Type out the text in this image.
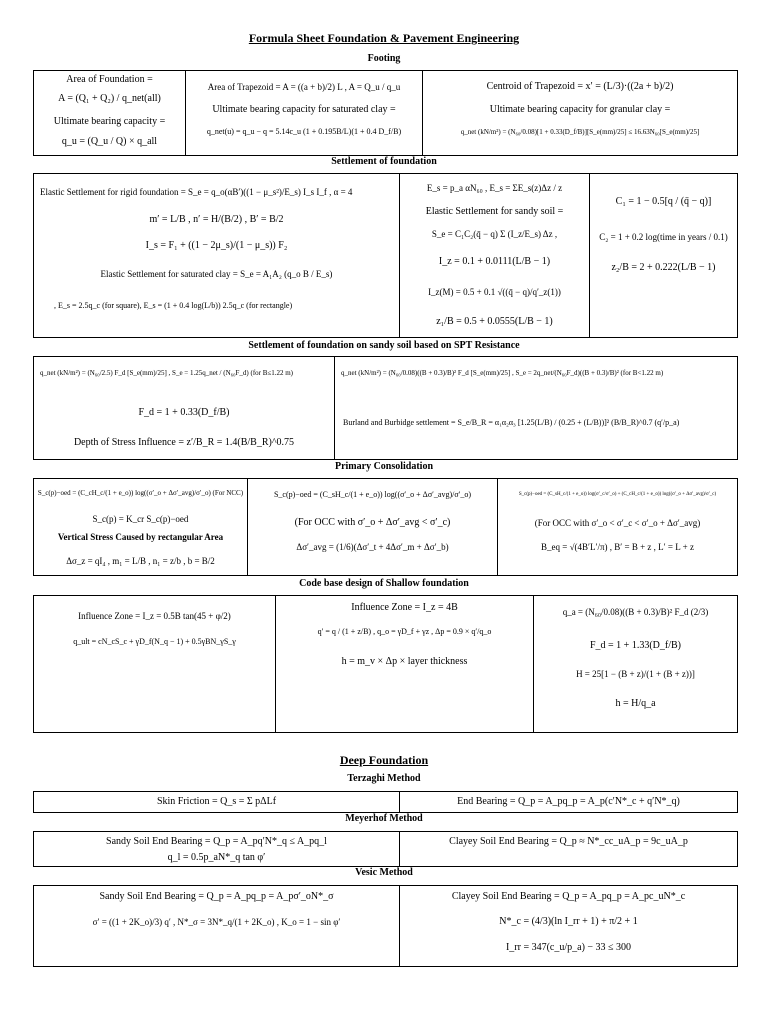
Formula Sheet Foundation & Pavement Engineering
Footing
Area of Foundation =
A = (Q₁ + Q₂) / q_net(all)
Ultimate bearing capacity =
q_u = (Q_u / Q) × q_all
Area of Trapezoid = A = ((a + b)/2) L , A = Q_u / q_u
Ultimate bearing capacity for saturated clay =
q_net(u) = q_u − q = 5.14c_u (1 + 0.195B/L)(1 + 0.4 D_f/B)
Centroid of Trapezoid = x′ = (L/3)·((2a + b)/2)
Ultimate bearing capacity for granular clay =
q_net (kN/m²) = (N₆₀/0.08)[1 + 0.33(D_f/B)][S_e(mm)/25] ≤ 16.63N₆₀[S_e(mm)/25]
Settlement of foundation
Elastic Settlement for rigid foundation = S_e = q_o(αB′)((1 − μ_s²)/E_s) I_s I_f , α = 4
m′ = L/B , n′ = H/(B/2) , B′ = B/2
I_s = F₁ + ((1 − 2μ_s)/(1 − μ_s)) F₂
Elastic Settlement for saturated clay = S_e = A₁A₂ (q_o B / E_s)
, E_s = 2.5q_c (for square), E_s = (1 + 0.4 log(L/b)) 2.5q_c (for rectangle)
E_s = p_a αN₆₀ , E_s = ΣE_s(z)Δz / z
Elastic Settlement for sandy soil =
S_e = C₁C₂(q̄ − q) Σ (I_z/E_s) Δz ,
I_z = 0.1 + 0.0111(L/B − 1)
I_z(M) = 0.5 + 0.1 √((q̄ − q)/q′_z(1))
z₁/B = 0.5 + 0.0555(L/B − 1)
C₁ = 1 − 0.5[q / (q̄ − q)]
C₂ = 1 + 0.2 log(time in years / 0.1)
z₂/B = 2 + 0.222(L/B − 1)
Settlement of foundation on sandy soil based on SPT Resistance
q_net (kN/m²) = (N₆₀/2.5) F_d [S_e(mm)/25] , S_e = 1.25q_net / (N₆₀F_d) (for B≤1.22 m)
F_d = 1 + 0.33(D_f/B)
Depth of Stress Influence = z′/B_R = 1.4(B/B_R)^0.75
q_net (kN/m²) = (N₆₀/0.08)((B + 0.3)/B)² F_d [S_e(mm)/25] , S_e = 2q_net/(N₆₀F_d)((B + 0.3)/B)² (for B<1.22 m)
Burland and Burbidge settlement = S_e/B_R = α₁α₂α₃ [1.25(L/B) / (0.25 + (L/B))]² (B/B_R)^0.7 (q′/p_a)
Primary Consolidation
S_c(p)−oed = (C_cH_c/(1 + e_o)) log((σ′_o + Δσ′_avg)/σ′_o) (For NCC)
S_c(p) = K_cr S_c(p)−oed
Vertical Stress Caused by rectangular Area
Δσ_z = qI₄ , m₁ = L/B , n₁ = z/b , b = B/2
S_c(p)−oed = (C_sH_c/(1 + e_o)) log((σ′_o + Δσ′_avg)/σ′_o)
(For OCC with σ′_o + Δσ′_avg < σ′_c)
Δσ′_avg = (1/6)(Δσ′_t + 4Δσ′_m + Δσ′_b)
S_c(p)−oed = (C_sH_c/(1 + e_o)) log(σ′_c/σ′_o) + (C_cH_c/(1 + e_o)) log((σ′_o + Δσ′_avg)/σ′_c)
(For OCC with σ′_o < σ′_c < σ′_o + Δσ′_avg)
B_eq = √(4B′L′/π) , B′ = B + z , L′ = L + z
Code base design of Shallow foundation
Influence Zone = I_z = 0.5B tan(45 + φ/2)
q_ult = cN_cS_c + γD_f(N_q − 1) + 0.5γBN_γS_γ
Influence Zone = I_z = 4B
q′ = q / (1 + z/B) , q_o = γD_f + γz , Δp = 0.9 × q′/q_o
h = m_v × Δp × layer thickness
q_a = (N₆₀/0.08)((B + 0.3)/B)² F_d (2/3)
F_d = 1 + 1.33(D_f/B)
H = 25[1 − (B + z)/(1 + (B + z))]
h = H/q_a
Deep Foundation
Terzaghi Method
Skin Friction = Q_s = Σ pΔLf	End Bearing = Q_p = A_pq_p = A_p(c′N*_c + q′N*_q)
Meyerhof Method
Sandy Soil End Bearing = Q_p = A_pq′N*_q ≤ A_pq_l
q_l = 0.5p_aN*_q tan φ′
Clayey Soil End Bearing = Q_p ≈ N*_cc_uA_p = 9c_uA_p
Vesic Method
Sandy Soil End Bearing = Q_p = A_pq_p = A_pσ′_oN*_σ
σ′ = ((1 + 2K_o)/3) q′ , N*_σ = 3N*_q/(1 + 2K_o) , K_o = 1 − sin φ′
Clayey Soil End Bearing = Q_p = A_pq_p = A_pc_uN*_c
N*_c = (4/3)(ln I_rr + 1) + π/2 + 1
I_rr = 347(c_u/p_a) − 33 ≤ 300
